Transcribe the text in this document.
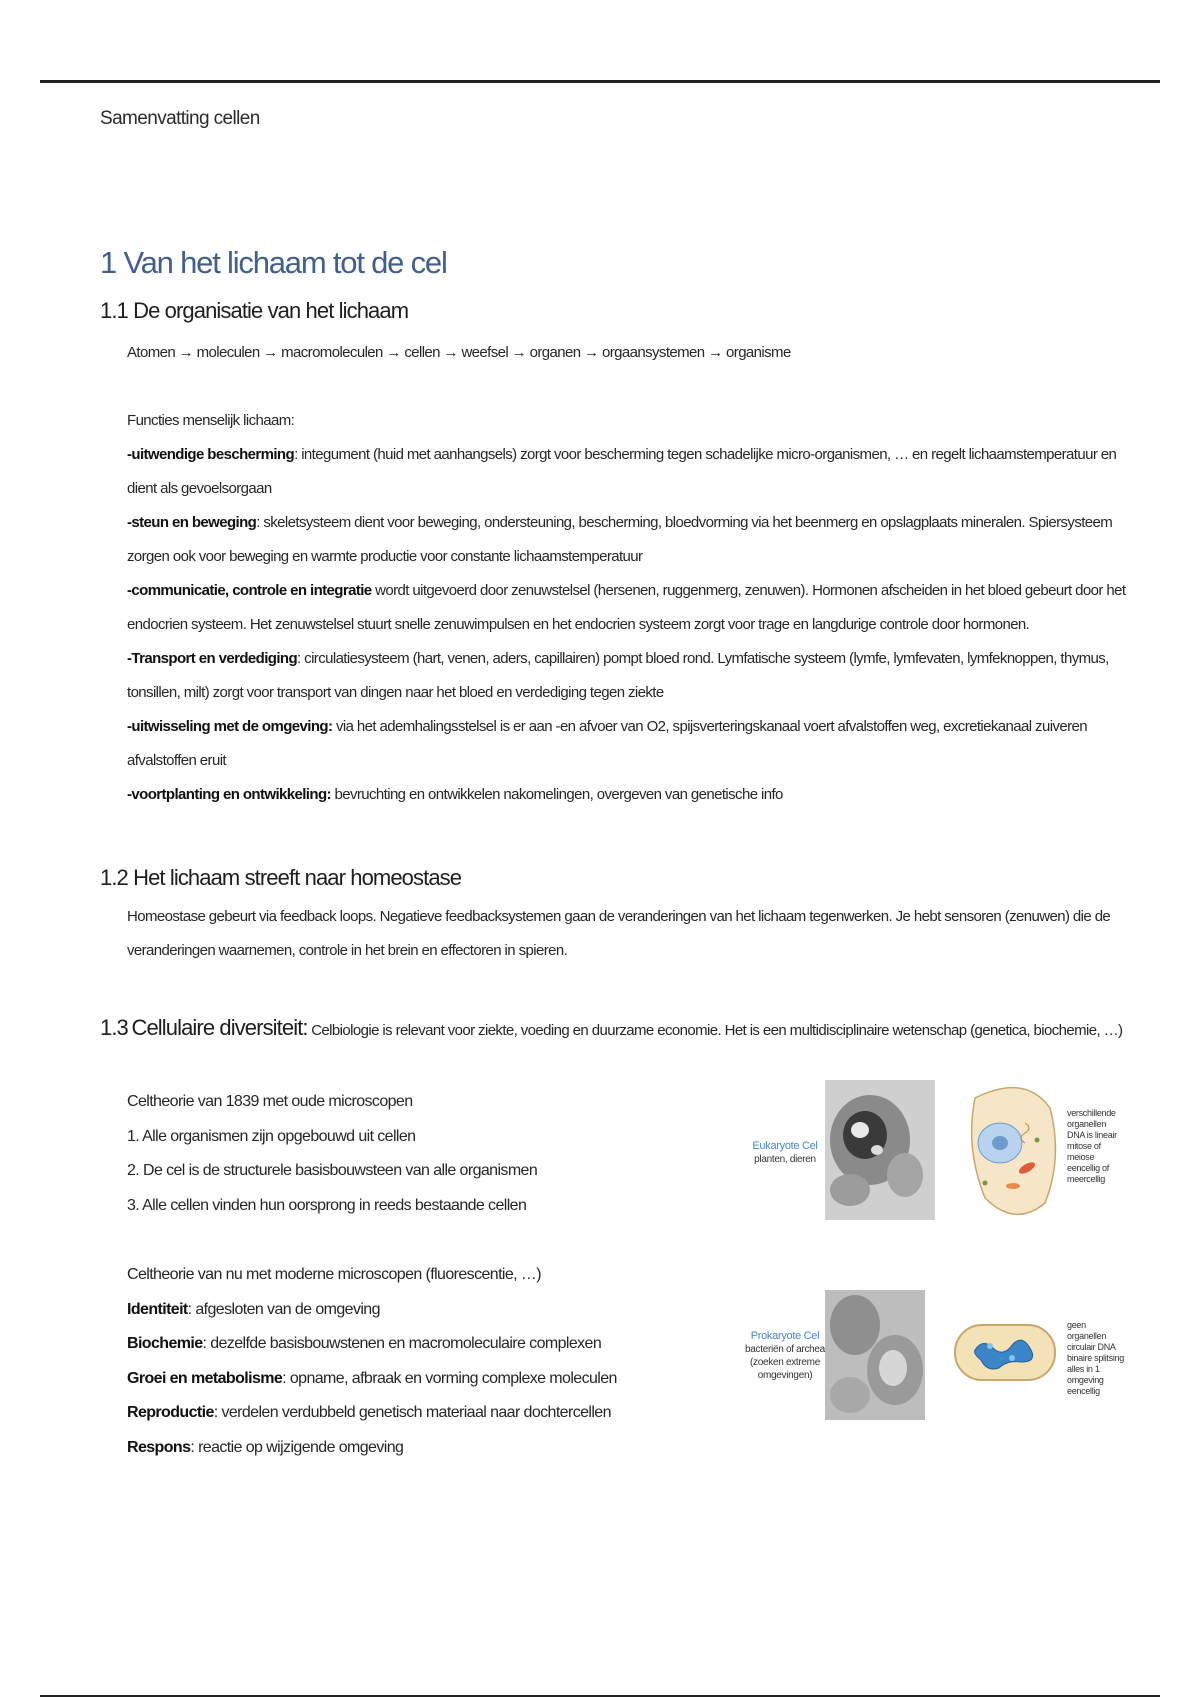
Samenvatting cellen
1 Van het lichaam tot de cel
1.1 De organisatie van het lichaam

Atomen → moleculen → macromoleculen → cellen → weefsel → organen → orgaansystemen → organisme

Functies menselijk lichaam:

-uitwendige bescherming: integument (huid met aanhangsels) zorgt voor bescherming tegen schadelijke micro-organismen, … en regelt lichaamstemperatuur en dient als gevoelsorgaan

-steun en beweging: skeletsysteem dient voor beweging, ondersteuning, bescherming, bloedvorming via het beenmerg en opslagplaats mineralen. Spiersysteem zorgen ook voor beweging en warmte productie voor constante lichaamstemperatuur

-communicatie, controle en integratie wordt uitgevoerd door zenuwstelsel (hersenen, ruggenmerg, zenuwen). Hormonen afscheiden in het bloed gebeurt door het endocrien systeem. Het zenuwstelsel stuurt snelle zenuwimpulsen en het endocrien systeem zorgt voor trage en langdurige controle door hormonen.

-Transport en verdediging: circulatiesysteem (hart, venen, aders, capillairen) pompt bloed rond. Lymfatische systeem (lymfe, lymfevaten, lymfeknoppen, thymus, tonsillen, milt) zorgt voor transport van dingen naar het bloed en verdediging tegen ziekte

-uitwisseling met de omgeving: via het ademhalingsstelsel is er aan -en afvoer van O2, spijsverteringskanaal voert afvalstoffen weg, excretiekanaal zuiveren afvalstoffen eruit

-voortplanting en ontwikkeling: bevruchting en ontwikkelen nakomelingen, overgeven van genetische info

1.2 Het lichaam streeft naar homeostase

Homeostase gebeurt via feedback loops. Negatieve feedbacksystemen gaan de veranderingen van het lichaam tegenwerken. Je hebt sensoren (zenuwen) die de veranderingen waarnemen, controle in het brein en effectoren in spieren.

1.3 Cellulaire diversiteit: Celbiologie is relevant voor ziekte, voeding en duurzame economie. Het is een multidisciplinaire wetenschap (genetica, biochemie, …)

Celtheorie van 1839 met oude microscopen

1. Alle organismen zijn opgebouwd uit cellen

2. De cel is de structurele basisbouwsteen van alle organismen

3. Alle cellen vinden hun oorsprong in reeds bestaande cellen

Celtheorie van nu met moderne microscopen (fluorescentie, …)

Identiteit: afgesloten van de omgeving

Biochemie: dezelfde basisbouwstenen en macromoleculaire complexen

Groei en metabolisme: opname, afbraak en vorming complexe moleculen

Reproductie: verdelen verdubbeld genetisch materiaal naar dochtercellen

Respons: reactie op wijzigende omgeving

Eukaryote Cel
planten, dieren
verschillende organellen DNA is lineair mitose of meiose eencellig of meercellig
Prokaryote Cel
bacteriën of archea (zoeken extreme omgevingen)
geen organellen circulair DNA binaire splitsing alles in 1 omgeving eencellig
